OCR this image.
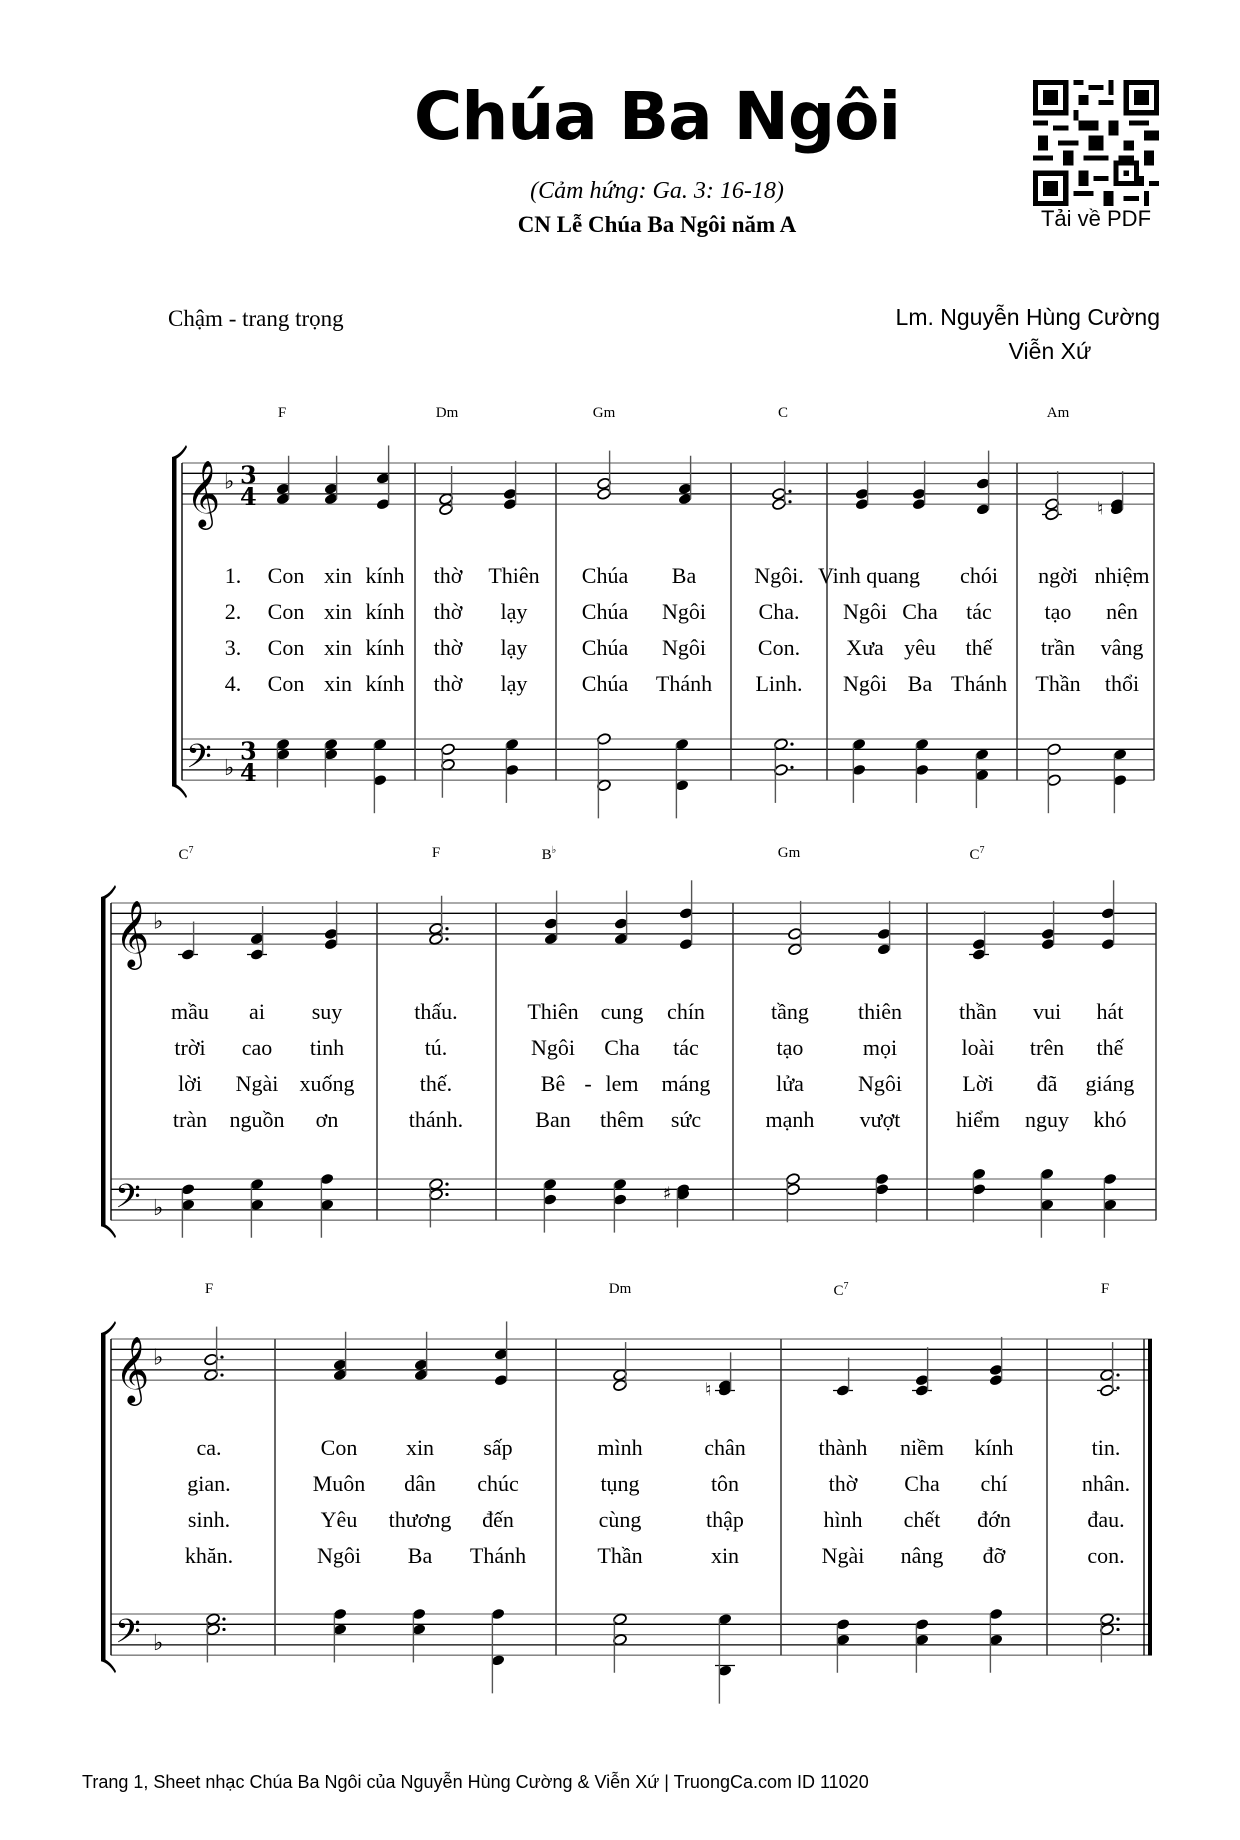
Chúa Ba Ngôi
(Cảm hứng: Ga. 3: 16-18)
CN Lễ Chúa Ba Ngôi năm A	Tải về PDF
Chậm - trang trọng	Lm. Nguyễn Hùng Cường
Viễn Xứ
𝄞
𝄢
♭
♭
3
4
3
4
♮
𝄞
𝄢
♭
♭
♯
𝄞
𝄢
♭
♭
♮
F	Dm	Gm	C	Am
1. Con xin kính thờ Thiên Chúa Ba	Ngôi. Vinh quang chói ngời nhiệm
2. Con xin kính thờ lạy Chúa Ngôi Cha. Ngôi Cha tác tạo nên
3. Con xin kính thờ lạy Chúa Ngôi Con. Xưa yêu thế trần vâng
4. Con xin kính thờ lạy Chúa Thánh Linh. Ngôi Ba Thánh Thần thổi
$C^7$	F	B♭	Gm	$C^7$
mầu ai suy	thấu.	Thiên cung chín	tầng thiên	thần vui hát
trời cao tinh	tú.	Ngôi Cha tác	tạo	mọi	loài trên thế
lời Ngài xuống	thế.	Bê - lem máng	lửa Ngôi	Lời đã giáng
tràn nguồn ơn	thánh.	Ban thêm sức	mạnh vượt	hiểm nguy khó
F	Dm	$C^7$	F
ca.	Con xin sấp	mình	chân	thành niềm kính	tin.
gian.	Muôn dân chúc	tụng	tôn	thờ Cha chí	nhân.
sinh.	Yêu thương đến	cùng	thập	hình chết đớn	đau.
khăn.	Ngôi Ba Thánh	Thần	xin	Ngài nâng đỡ	con.
Trang 1, Sheet nhạc Chúa Ba Ngôi của Nguyễn Hùng Cường & Viễn Xứ | TruongCa.com ID 11020
